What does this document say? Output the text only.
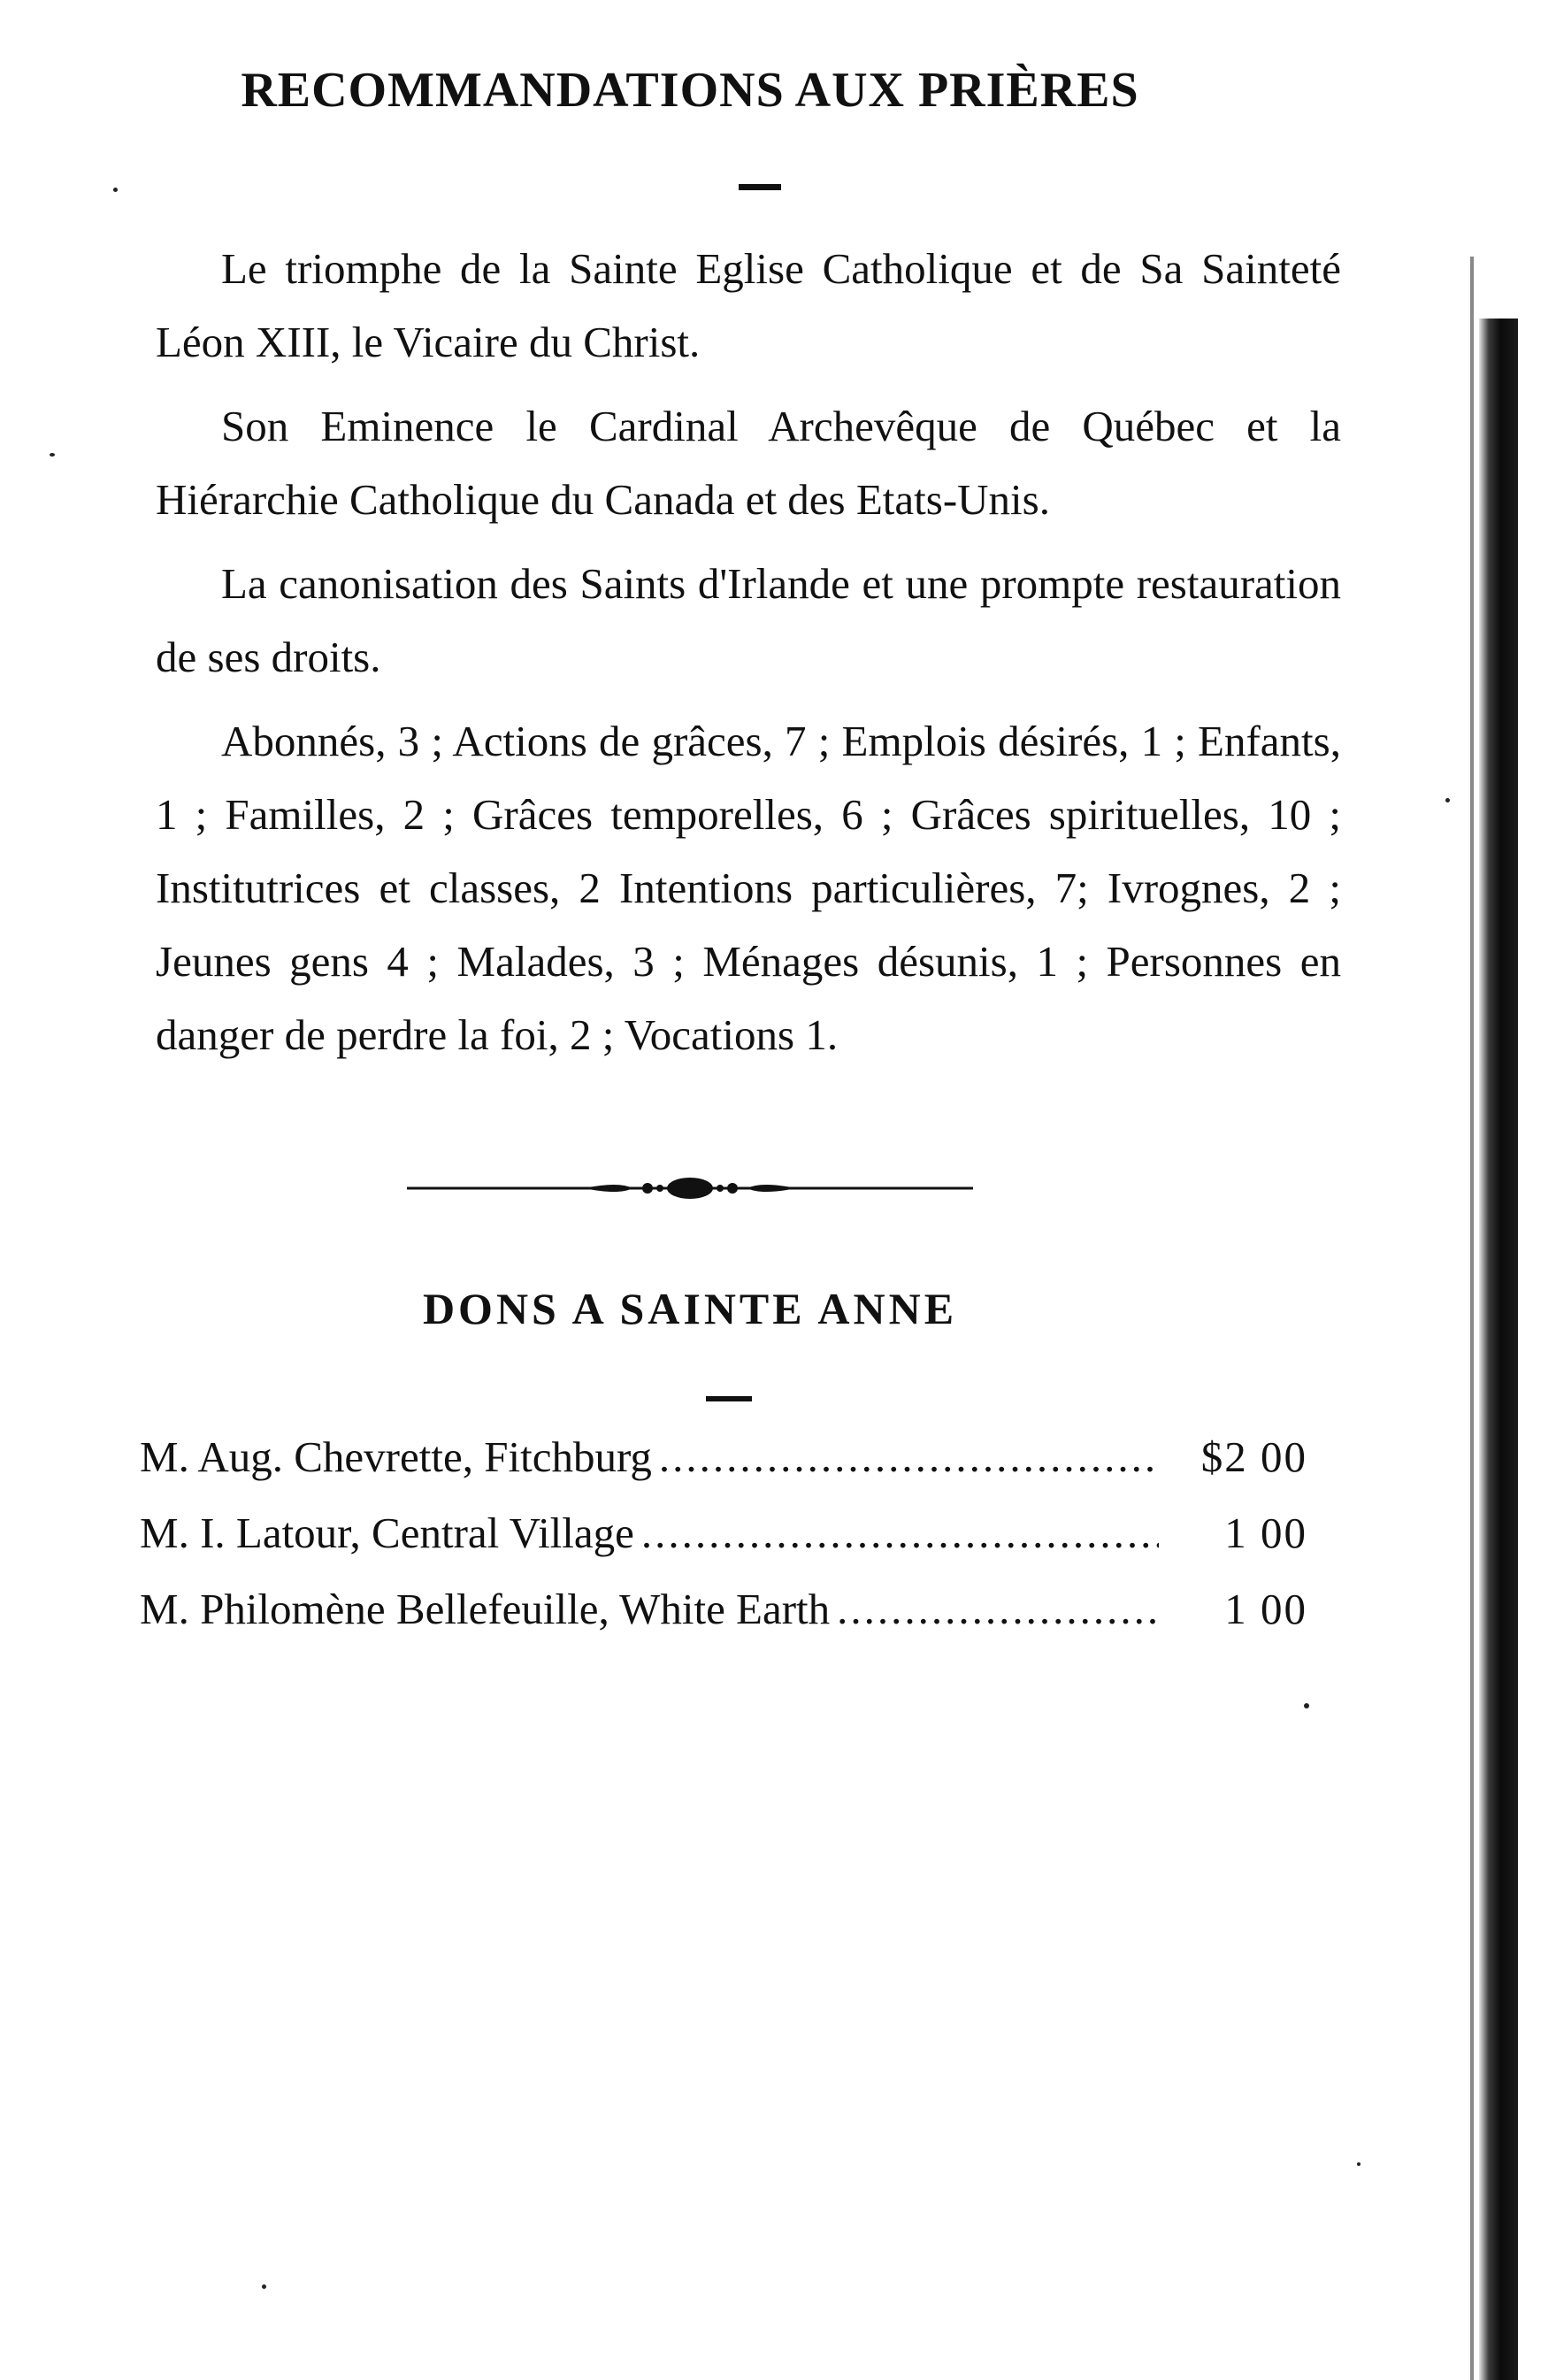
RECOMMANDATIONS AUX PRIÈRES

Le triomphe de la Sainte Eglise Catholique et de Sa Sainteté Léon XIII, le Vicaire du Christ.

Son Eminence le Cardinal Archevêque de Québec et la Hiérarchie Catholique du Canada et des Etats-Unis.

La canonisation des Saints d'Irlande et une prompte restauration de ses droits.

Abonnés, 3 ; Actions de grâces, 7 ; Emplois désirés, 1 ; Enfants, 1 ; Familles, 2 ; Grâces temporelles, 6 ; Grâces spirituelles, 10 ; Institutrices et classes, 2 Intentions particulières, 7; Ivrognes, 2 ; Jeunes gens 4 ; Malades, 3 ; Ménages désunis, 1 ; Personnes en danger de perdre la foi, 2 ; Vocations 1.

DONS A SAINTE ANNE
M. Aug. Chevrette, Fitchburg .....	$2 00
M. I. Latour, Central Village .....	1 00
M. Philomène Bellefeuille, White Earth .....	1 00
